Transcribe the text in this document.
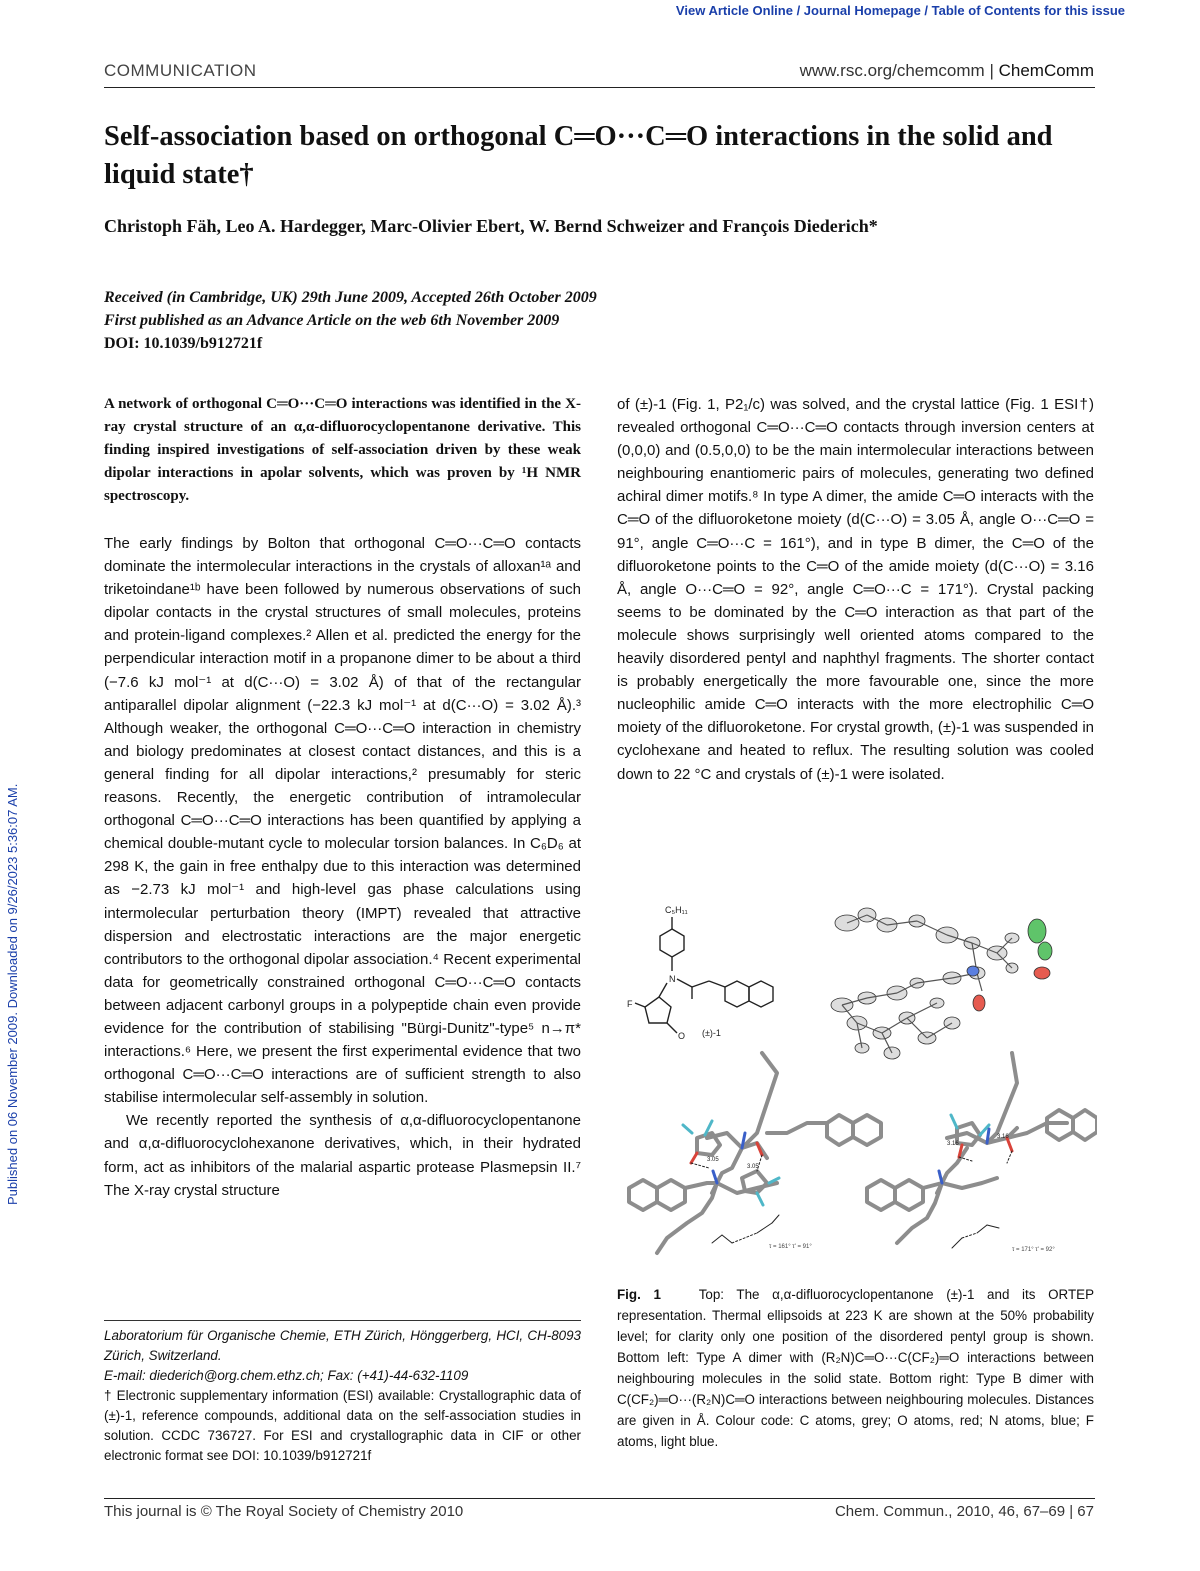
View Article Online / Journal Homepage / Table of Contents for this issue
Published on 06 November 2009. Downloaded on 9/26/2023 5:36:07 AM.
COMMUNICATION	www.rsc.org/chemcomm | ChemComm
Self-association based on orthogonal C═O···C═O interactions in the solid and liquid state†
Christoph Fäh, Leo A. Hardegger, Marc-Olivier Ebert, W. Bernd Schweizer and François Diederich*
Received (in Cambridge, UK) 29th June 2009, Accepted 26th October 2009
First published as an Advance Article on the web 6th November 2009
DOI: 10.1039/b912721f
A network of orthogonal C═O···C═O interactions was identified in the X-ray crystal structure of an α,α-difluorocyclopentanone derivative. This finding inspired investigations of self-association driven by these weak dipolar interactions in apolar solvents, which was proven by ¹H NMR spectroscopy.

The early findings by Bolton that orthogonal C═O···C═O contacts dominate the intermolecular interactions in the crystals of alloxan¹ᵃ and triketoindane¹ᵇ have been followed by numerous observations of such dipolar contacts in the crystal structures of small molecules, proteins and protein-ligand complexes.² Allen et al. predicted the energy for the perpendicular interaction motif in a propanone dimer to be about a third (−7.6 kJ mol⁻¹ at d(C···O) = 3.02 Å) of that of the rectangular antiparallel dipolar alignment (−22.3 kJ mol⁻¹ at d(C···O) = 3.02 Å).³ Although weaker, the orthogonal C═O···C═O interaction in chemistry and biology predominates at closest contact distances, and this is a general finding for all dipolar interactions,² presumably for steric reasons. Recently, the energetic contribution of intramolecular orthogonal C═O···C═O interactions has been quantified by applying a chemical double-mutant cycle to molecular torsion balances. In C₆D₆ at 298 K, the gain in free enthalpy due to this interaction was determined as −2.73 kJ mol⁻¹ and high-level gas phase calculations using intermolecular perturbation theory (IMPT) revealed that attractive dispersion and electrostatic interactions are the major energetic contributors to the orthogonal dipolar association.⁴ Recent experimental data for geometrically constrained orthogonal C═O···C═O contacts between adjacent carbonyl groups in a polypeptide chain even provide evidence for the contribution of stabilising "Bürgi-Dunitz"-type⁵ n→π* interactions.⁶ Here, we present the first experimental evidence that two orthogonal C═O···C═O interactions are of sufficient strength to also stabilise intermolecular self-assembly in solution.

We recently reported the synthesis of α,α-difluorocyclopentanone and α,α-difluorocyclohexanone derivatives, which, in their hydrated form, act as inhibitors of the malarial aspartic protease Plasmepsin II.⁷ The X-ray crystal structure

Laboratorium für Organische Chemie, ETH Zürich, Hönggerberg, HCI, CH-8093 Zürich, Switzerland.
E-mail: diederich@org.chem.ethz.ch; Fax: (+41)-44-632-1109
† Electronic supplementary information (ESI) available: Crystallographic data of (±)-1, reference compounds, additional data on the self-association studies in solution. CCDC 736727. For ESI and crystallographic data in CIF or other electronic format see DOI: 10.1039/b912721f

of (±)-1 (Fig. 1, P2₁/c) was solved, and the crystal lattice (Fig. 1 ESI†) revealed orthogonal C═O···C═O contacts through inversion centers at (0,0,0) and (0.5,0,0) to be the main intermolecular interactions between neighbouring enantiomeric pairs of molecules, generating two defined achiral dimer motifs.⁸ In type A dimer, the amide C═O interacts with the C═O of the difluoroketone moiety (d(C···O) = 3.05 Å, angle O···C═O = 91°, angle C═O···C = 161°), and in type B dimer, the C═O of the difluoroketone points to the C═O of the amide moiety (d(C···O) = 3.16 Å, angle O···C═O = 92°, angle C═O···C = 171°). Crystal packing seems to be dominated by the C═O interaction as that part of the molecule shows surprisingly well oriented atoms compared to the heavily disordered pentyl and naphthyl fragments. The shorter contact is probably energetically the more favourable one, since the more nucleophilic amide C═O interacts with the more electrophilic C═O moiety of the difluoroketone. For crystal growth, (±)-1 was suspended in cyclohexane and heated to reflux. The resulting solution was cooled down to 22 °C and crystals of (±)-1 were isolated.

C₅H₁₁
N
O
F
(±)-1
3.05
3.05
τ = 161° τ' = 91°
3.16
3.16
τ = 171° τ' = 92°
Fig. 1	Top: The α,α-difluorocyclopentanone (±)-1 and its ORTEP representation. Thermal ellipsoids at 223 K are shown at the 50% probability level; for clarity only one position of the disordered pentyl group is shown. Bottom left: Type A dimer with (R₂N)C═O···C(CF₂)═O interactions between neighbouring molecules in the solid state. Bottom right: Type B dimer with C(CF₂)═O···(R₂N)C═O interactions between neighbouring molecules. Distances are given in Å. Colour code: C atoms, grey; O atoms, red; N atoms, blue; F atoms, light blue.
This journal is © The Royal Society of Chemistry 2010	Chem. Commun., 2010, 46, 67–69 | 67
